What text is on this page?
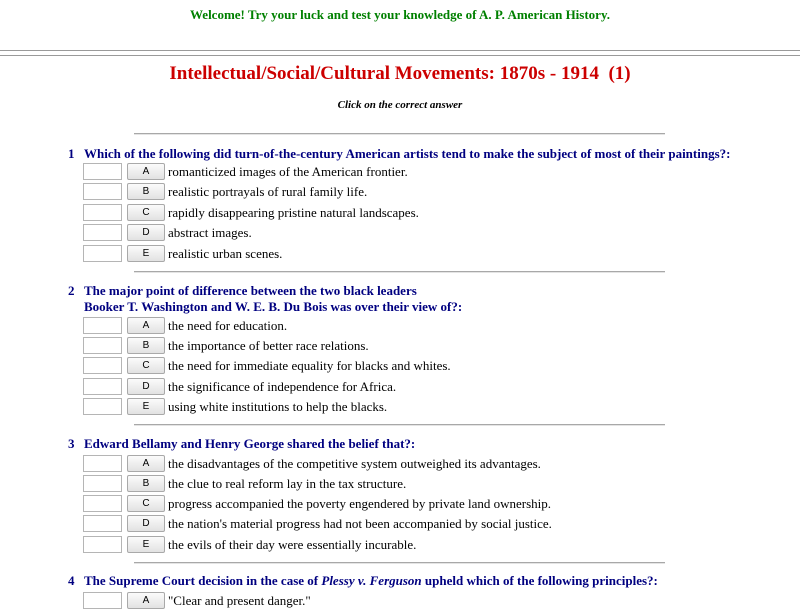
Welcome! Try your luck and test your knowledge of A. P. American History.
Intellectual/Social/Cultural Movements: 1870s - 1914  (1)
Click on the correct answer
1 Which of the following did turn-of-the-century American artists tend to make the subject of most of their paintings?:
A	romanticized images of the American frontier.
B	realistic portrayals of rural family life.
C	rapidly disappearing pristine natural landscapes.
D	abstract images.
E	realistic urban scenes.
2 The major point of difference between the two black leaders
Booker T. Washington and W. E. B. Du Bois was over their view of?:
A	the need for education.
B	the importance of better race relations.
C	the need for immediate equality for blacks and whites.
D	the significance of independence for Africa.
E	using white institutions to help the blacks.
3 Edward Bellamy and Henry George shared the belief that?:
A	the disadvantages of the competitive system outweighed its advantages.
B	the clue to real reform lay in the tax structure.
C	progress accompanied the poverty engendered by private land ownership.
D	the nation's material progress had not been accompanied by social justice.
E	the evils of their day were essentially incurable.
4 The Supreme Court decision in the case of Plessy v. Ferguson upheld which of the following principles?:
A	"Clear and present danger."
